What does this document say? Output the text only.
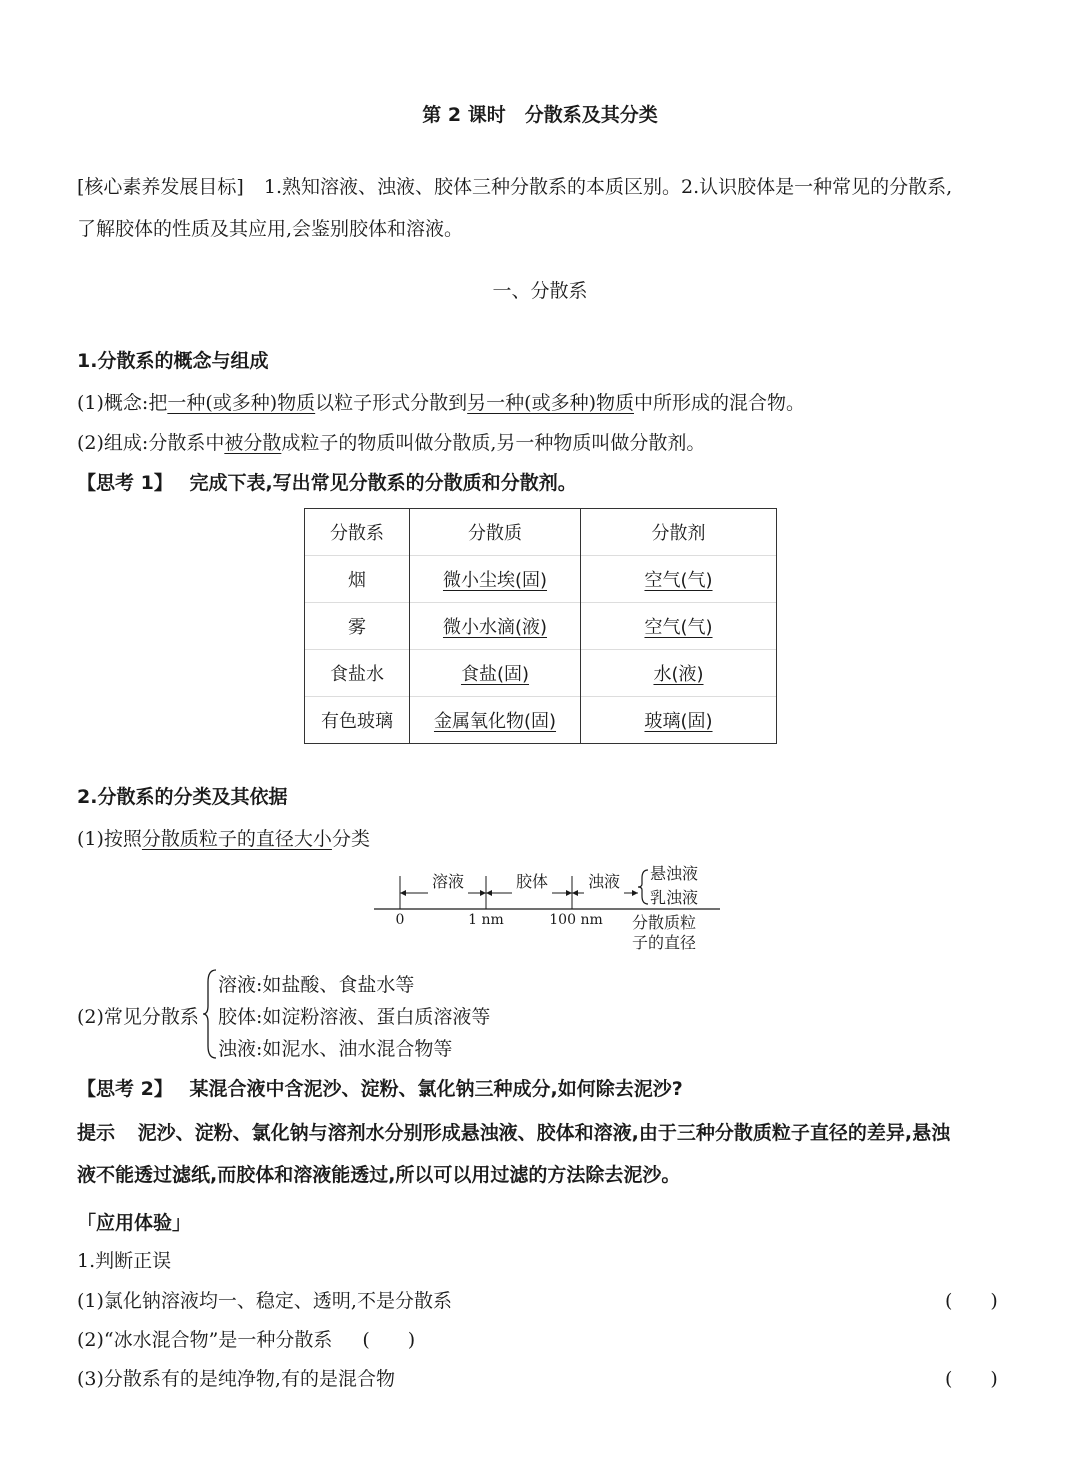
第 2 课时　分散系及其分类
[核心素养发展目标] 1.熟知溶液、浊液、胶体三种分散系的本质区别。2.认识胶体是一种常见的分散系,
了解胶体的性质及其应用,会鉴别胶体和溶液。
一、分散系
1.分散系的概念与组成
(1)概念:把一种(或多种)物质以粒子形式分散到另一种(或多种)物质中所形成的混合物。
(2)组成:分散系中被分散成粒子的物质叫做分散质,另一种物质叫做分散剂。
【思考 1】 完成下表,写出常见分散系的分散质和分散剂。
分散系	分散质	分散剂
烟	微小尘埃(固)	空气(气)
雾	微小水滴(液)	空气(气)
食盐水	食盐(固)	水(液)
有色玻璃	金属氧化物(固)	玻璃(固)
2.分散系的分类及其依据
(1)按照分散质粒子的直径大小分类
溶液	胶体 浊液 悬浊液
乳浊液
0	1 nm	100 nm 分散质粒
子的直径
(2)常见分散系
溶液:如盐酸、食盐水等
胶体:如淀粉溶液、蛋白质溶液等
浊液:如泥水、油水混合物等
【思考 2】 某混合液中含泥沙、淀粉、氯化钠三种成分,如何除去泥沙?
提示 泥沙、淀粉、氯化钠与溶剂水分别形成悬浊液、胶体和溶液,由于三种分散质粒子直径的差异,悬浊
液不能透过滤纸,而胶体和溶液能透过,所以可以用过滤的方法除去泥沙。
「应用体验」
1.判断正误
(1)氯化钠溶液均一、稳定、透明,不是分散系	(　　)
(2)“冰水混合物”是一种分散系 (　　)
(3)分散系有的是纯净物,有的是混合物	(　　)
